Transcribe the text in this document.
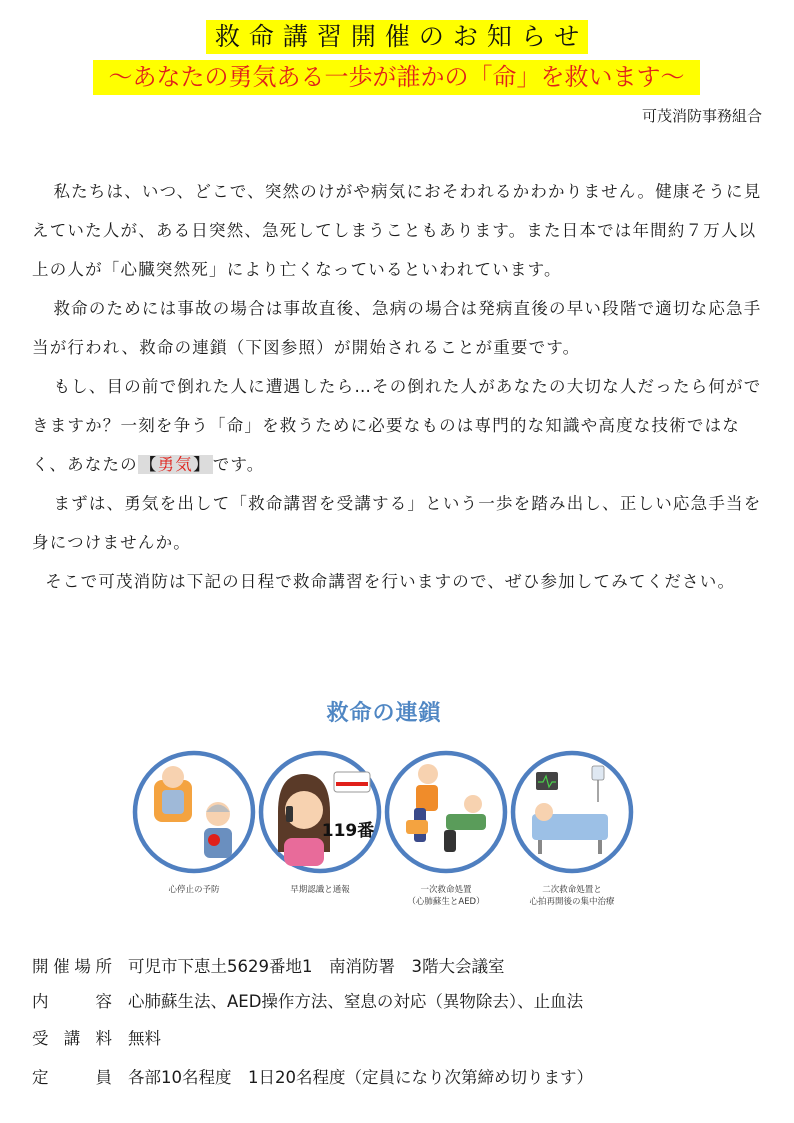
救命講習開催のお知らせ
～あなたの勇気ある一歩が誰かの「命」を救います～
可茂消防事務組合

私たちは、いつ、どこで、突然のけがや病気におそわれるかわかりません。健康そうに見えていた人が、ある日突然、急死してしまうこともあります。また日本では年間約７万人以上の人が「心臓突然死」により亡くなっているといわれています。

救命のためには事故の場合は事故直後、急病の場合は発病直後の早い段階で適切な応急手当が行われ、救命の連鎖（下図参照）が開始されることが重要です。

もし、目の前で倒れた人に遭遇したら…その倒れた人があなたの大切な人だったら何ができますか？一刻を争う「命」を救うために必要なものは専門的な知識や高度な技術ではなく、あなたの 【勇気】 です。

まずは、勇気を出して「救命講習を受講する」という一歩を踏み出し、正しい応急手当を身につけませんか。

そこで可茂消防は下記の日程で救命講習を行いますので、ぜひ参加してみてください。

救命の連鎖
119番
心停止の予防	早期認識と通報	一次救命処置
（心肺蘇生とAED）
二次救命処置と
心拍再開後の集中治療
開 催 場 所 可児市下恵土5629番地1　南消防署　3階大会議室
内	容 心肺蘇生法、AED操作方法、窒息の対応（異物除去）、止血法
受 講 料 無料
定	員 各部10名程度　1日20名程度（定員になり次第締め切ります）
